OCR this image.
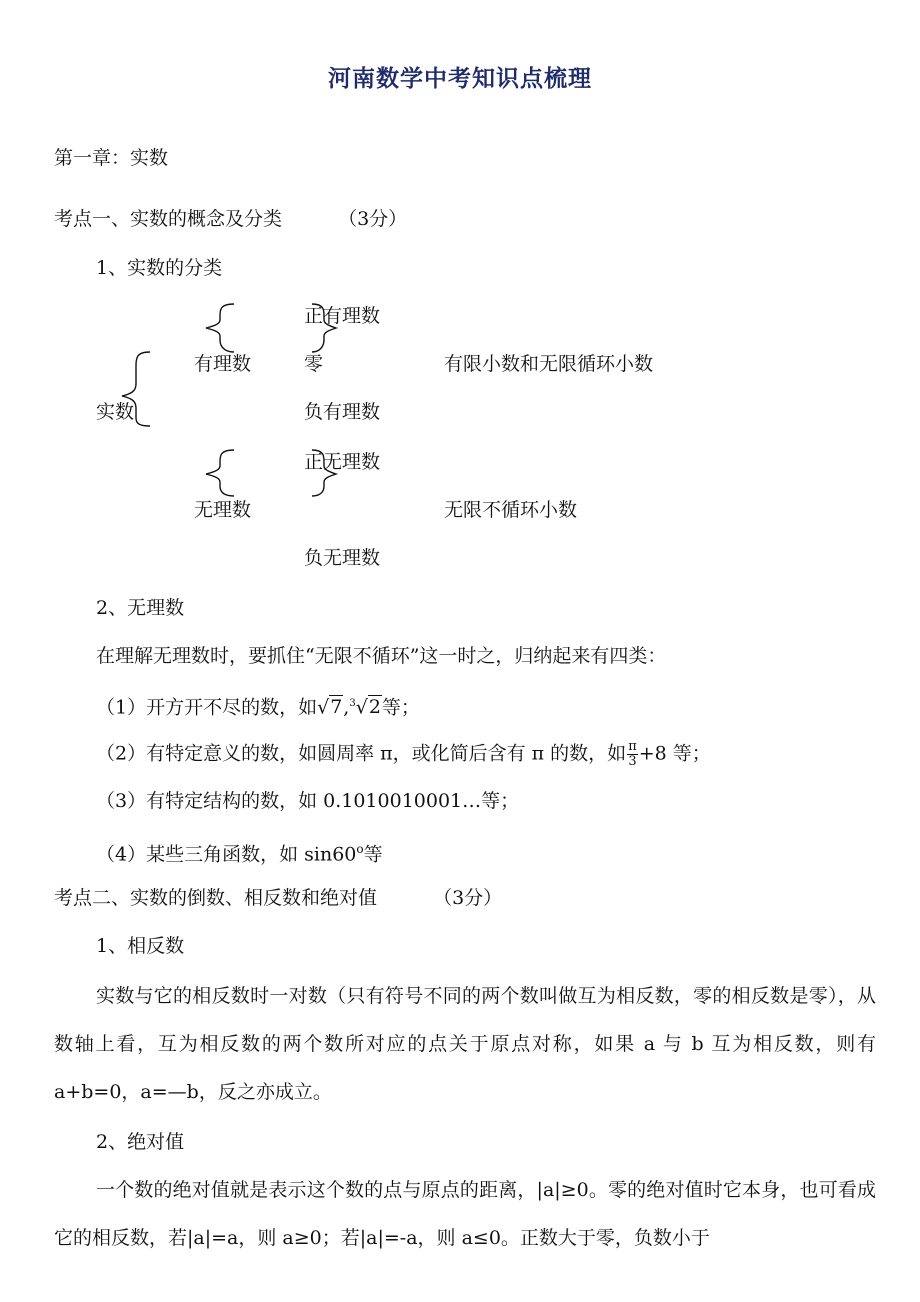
河南数学中考知识点梳理
第一章：实数
考点一、实数的概念及分类	（3分）
1、实数的分类
正有理数
有理数	零	有限小数和无限循环小数
实数	负有理数
正无理数
无理数	无限不循环小数
负无理数
2、无理数
在理解无理数时，要抓住“无限不循环”这一时之，归纳起来有四类：
（1）开方开不尽的数，如√7,$^3$√2等；
（2）有特定意义的数，如圆周率 π，或化简后含有 π 的数，如 $\frac{\pi}{3} +8$ 等；
（3）有特定结构的数，如 0.1010010001…等；
（4）某些三角函数，如 sin60$^o$等
考点二、实数的倒数、相反数和绝对值	（3分）
1、相反数
实数与它的相反数时一对数（只有符号不同的两个数叫做互为相反数，零的相反数是零），从数轴上看，互为相反数的两个数所对应的点关于原点对称，如果 a 与 b 互为相反数，则有 a+b=0，a=—b，反之亦成立。
2、绝对值
一个数的绝对值就是表示这个数的点与原点的距离，|a|≥0。零的绝对值时它本身，也可看成它的相反数，若|a|=a，则 a≥0；若|a|=-a，则 a≤0。正数大于零，负数小于
